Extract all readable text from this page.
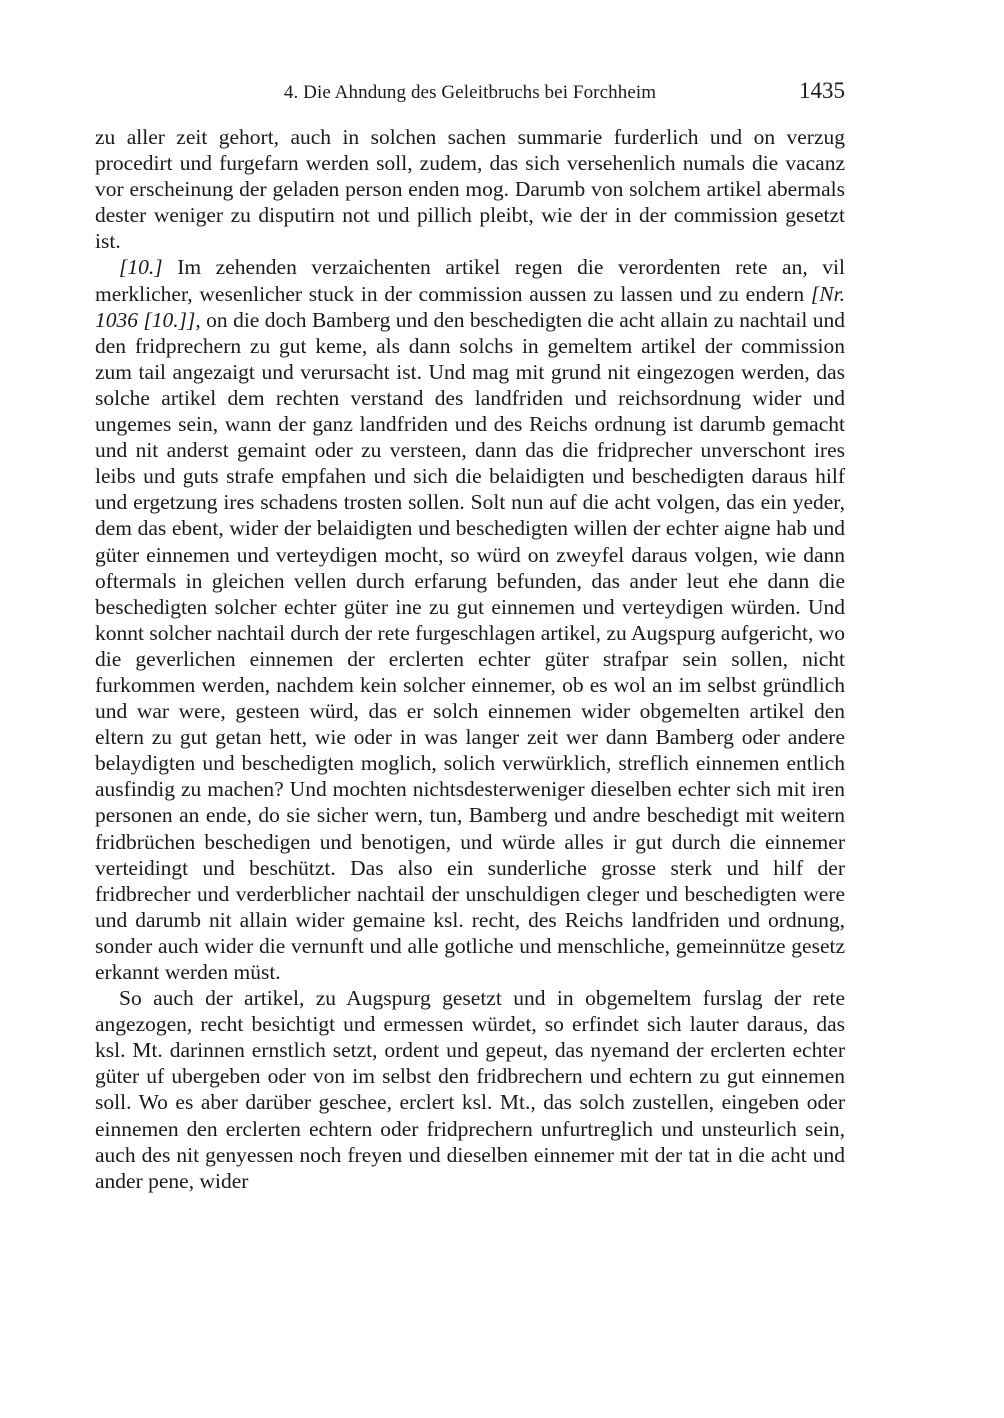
4. Die Ahndung des Geleitbruchs bei Forchheim	1435

zu aller zeit gehort, auch in solchen sachen summarie furderlich und on verzug procedirt und furgefarn werden soll, zudem, das sich versehenlich numals die vacanz vor erscheinung der geladen person enden mog. Darumb von solchem artikel abermals dester weniger zu disputirn not und pillich pleibt, wie der in der commission gesetzt ist.

[10.] Im zehenden verzaichenten artikel regen die verordenten rete an, vil merklicher, wesenlicher stuck in der commission aussen zu lassen und zu endern [Nr. 1036 [10.]], on die doch Bamberg und den beschedigten die acht allain zu nachtail und den fridprechern zu gut keme, als dann solchs in gemeltem artikel der commission zum tail angezaigt und verursacht ist. Und mag mit grund nit eingezogen werden, das solche artikel dem rechten verstand des landfriden und reichsordnung wider und ungemes sein, wann der ganz landfriden und des Reichs ordnung ist darumb gemacht und nit anderst gemaint oder zu versteen, dann das die fridprecher unverschont ires leibs und guts strafe empfahen und sich die belaidigten und beschedigten daraus hilf und ergetzung ires schadens trosten sollen. Solt nun auf die acht volgen, das ein yeder, dem das ebent, wider der belaidigten und beschedigten willen der echter aigne hab und güter einnemen und verteydigen mocht, so würd on zweyfel daraus volgen, wie dann oftermals in gleichen vellen durch erfarung befunden, das ander leut ehe dann die beschedigten solcher echter güter ine zu gut einnemen und verteydigen würden. Und konnt solcher nachtail durch der rete furgeschlagen artikel, zu Augspurg aufgericht, wo die geverlichen einnemen der erclerten echter güter strafpar sein sollen, nicht furkommen werden, nachdem kein solcher einnemer, ob es wol an im selbst gründlich und war were, gesteen würd, das er solch einnemen wider obgemelten artikel den eltern zu gut getan hett, wie oder in was langer zeit wer dann Bamberg oder andere belaydigten und beschedigten moglich, solich verwürklich, streflich einnemen entlich ausfindig zu machen? Und mochten nichtsdesterweniger dieselben echter sich mit iren personen an ende, do sie sicher wern, tun, Bamberg und andre beschedigt mit weitern fridbrüchen beschedigen und benotigen, und würde alles ir gut durch die einnemer verteidingt und beschützt. Das also ein sunderliche grosse sterk und hilf der fridbrecher und verderblicher nachtail der unschuldigen cleger und beschedigten were und darumb nit allain wider gemaine ksl. recht, des Reichs landfriden und ordnung, sonder auch wider die vernunft und alle gotliche und menschliche, gemeinnütze gesetz erkannt werden müst.

So auch der artikel, zu Augspurg gesetzt und in obgemeltem furslag der rete angezogen, recht besichtigt und ermessen würdet, so erfindet sich lauter daraus, das ksl. Mt. darinnen ernstlich setzt, ordent und gepeut, das nyemand der erclerten echter güter uf ubergeben oder von im selbst den fridbrechern und echtern zu gut einnemen soll. Wo es aber darüber geschee, erclert ksl. Mt., das solch zustellen, eingeben oder einnemen den erclerten echtern oder fridprechern unfurtreglich und unsteurlich sein, auch des nit genyessen noch freyen und dieselben einnemer mit der tat in die acht und ander pene, wider
